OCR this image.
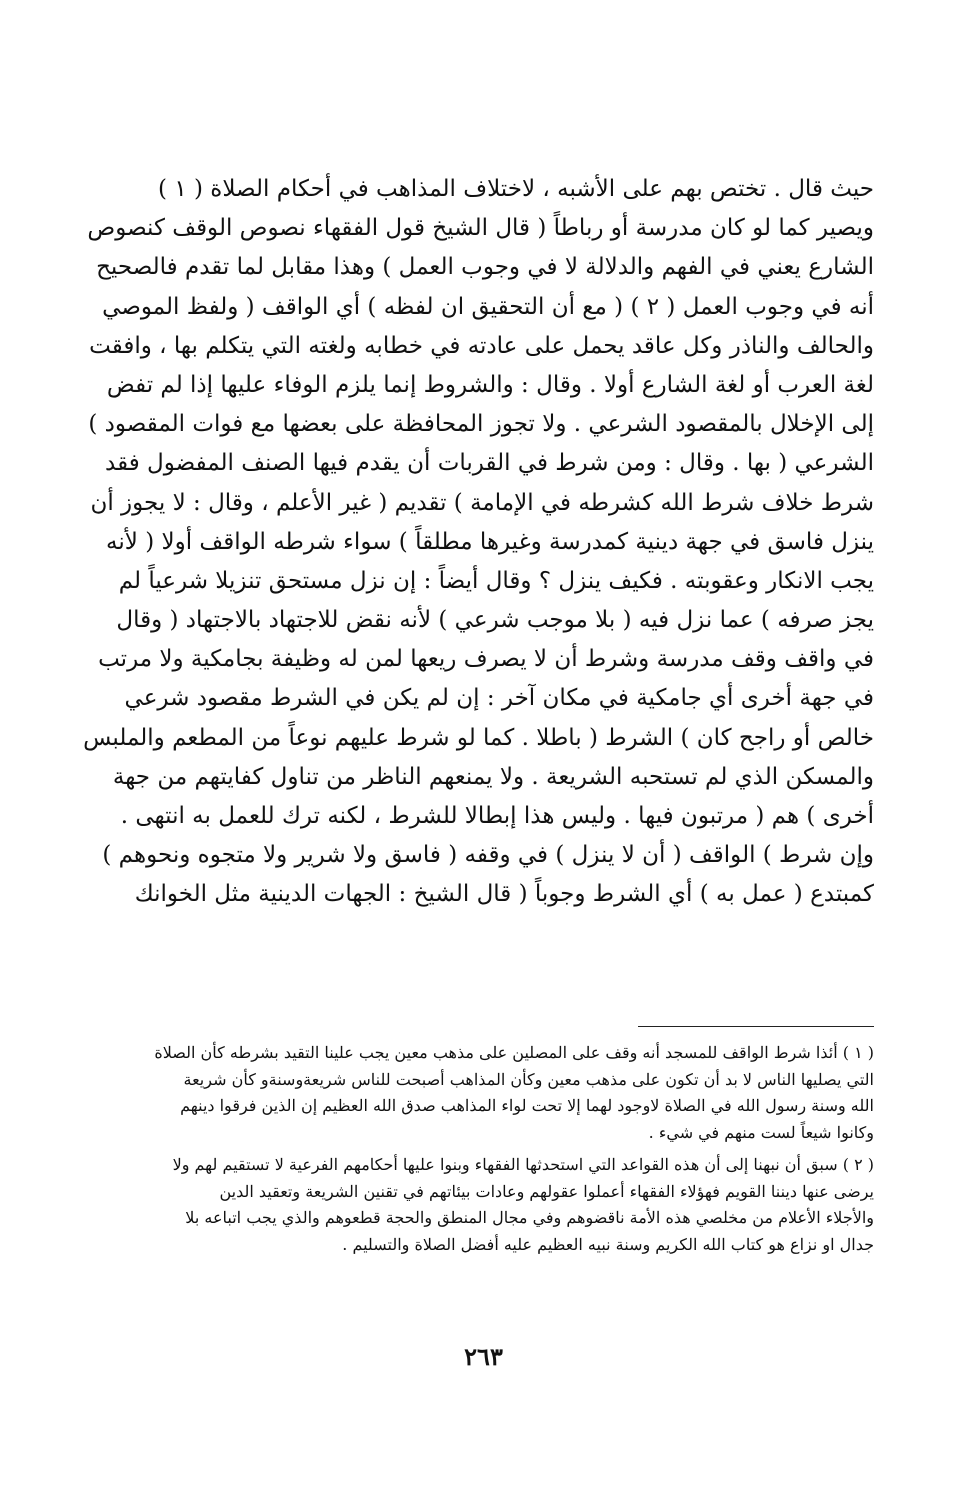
حيث قال . تختص بهم على الأشبه ، لاختلاف المذاهب في أحكام الصلاة ( ١ )
ويصير كما لو كان مدرسة أو رباطاً ( قال الشيخ قول الفقهاء نصوص الوقف كنصوص
الشارع يعني في الفهم والدلالة لا في وجوب العمل ) وهذا مقابل لما تقدم فالصحيح
أنه في وجوب العمل ( ٢ ) ( مع أن التحقيق ان لفظه ) أي الواقف ( ولفظ الموصي
والحالف والناذر وكل عاقد يحمل على عادته في خطابه ولغته التي يتكلم بها ، وافقت
لغة العرب أو لغة الشارع أولا . وقال : والشروط إنما يلزم الوفاء عليها إذا لم تفض
إلى الإخلال بالمقصود الشرعي . ولا تجوز المحافظة على بعضها مع فوات المقصود )
الشرعي ( بها . وقال : ومن شرط في القربات أن يقدم فيها الصنف المفضول فقد
شرط خلاف شرط الله كشرطه في الإمامة ) تقديم ( غير الأعلم ، وقال : لا يجوز أن
ينزل فاسق في جهة دينية كمدرسة وغيرها مطلقاً ) سواء شرطه الواقف أولا ( لأنه
يجب الانكار وعقوبته . فكيف ينزل ؟ وقال أيضاً : إن نزل مستحق تنزيلا شرعياً لم
يجز صرفه ) عما نزل فيه ( بلا موجب شرعي ) لأنه نقض للاجتهاد بالاجتهاد ( وقال
في واقف وقف مدرسة وشرط أن لا يصرف ريعها لمن له وظيفة بجامكية ولا مرتب
في جهة أخرى أي جامكية في مكان آخر : إن لم يكن في الشرط مقصود شرعي
خالص أو راجح كان ) الشرط ( باطلا . كما لو شرط عليهم نوعاً من المطعم والملبس
والمسكن الذي لم تستحبه الشريعة . ولا يمنعهم الناظر من تناول كفايتهم من جهة
أخرى ) هم ( مرتبون فيها . وليس هذا إبطالا للشرط ، لكنه ترك للعمل به انتهى .
وإن شرط ) الواقف ( أن لا ينزل ) في وقفه ( فاسق ولا شرير ولا متجوه ونحوهم )
كمبتدع ( عمل به ) أي الشرط وجوباً ( قال الشيخ : الجهات الدينية مثل الخوانك
( ١ ) أئذا شرط الواقف للمسجد أنه وقف على المصلين على مذهب معين يجب علينا التقيد بشرطه كأن الصلاة
التي يصليها الناس لا بد أن تكون على مذهب معين وكأن المذاهب أصبحت للناس شريعةوسنةو كأن شريعة
الله وسنة رسول الله في الصلاة لاوجود لهما إلا تحت لواء المذاهب صدق الله العظيم إن الذين فرقوا دينهم
وكانوا شيعاً لست منهم في شيء .
( ٢ ) سبق أن نبهنا إلى أن هذه القواعد التي استحدثها الفقهاء وبنوا عليها أحكامهم الفرعية لا تستقيم لهم ولا
يرضى عنها ديننا القويم فهؤلاء الفقهاء أعملوا عقولهم وعادات بيئاتهم في تقنين الشريعة وتعقيد الدين
والأجلاء الأعلام من مخلصي هذه الأمة ناقضوهم وفي مجال المنطق والحجة قطعوهم والذي يجب اتباعه بلا
جدال او نزاع هو كتاب الله الكريم وسنة نبيه العظيم عليه أفضل الصلاة والتسليم .
٢٦٣
